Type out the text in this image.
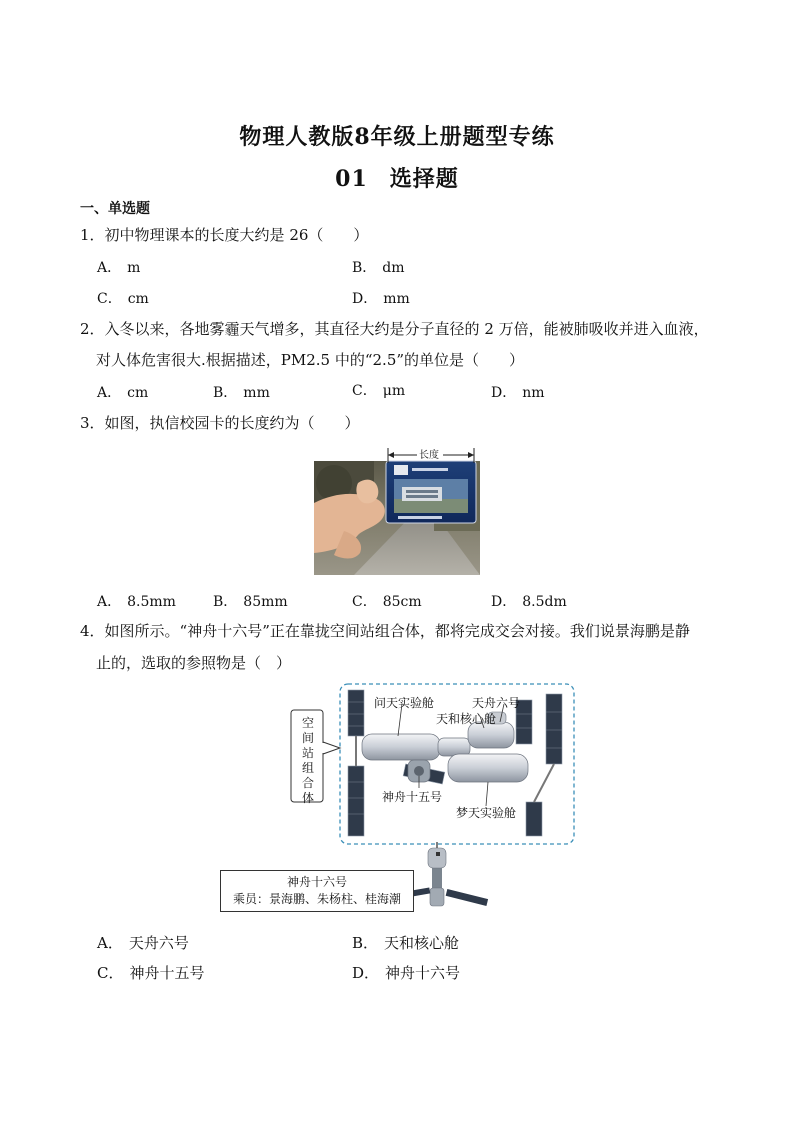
物理人教版8年级上册题型专练
01 选择题
一、单选题
1．初中物理课本的长度大约是 26（　　）
A． m	B． dm
C． cm	D． mm
2．入冬以来，各地雾霾天气增多，其直径大约是分子直径的 2 万倍，能被肺吸收并进入血液，
对人体危害很大.根据描述，PM2.5 中的“2.5”的单位是（　　）
A． cm	B． mm	C． μm	D． nm
3．如图，执信校园卡的长度约为（　　）
长度
A． 8.5mm	B． 85mm	C． 85cm	D． 8.5dm
4．如图所示。“神舟十六号”正在靠拢空间站组合体，都将完成交会对接。我们说景海鹏是静
止的，选取的参照物是（　）
空间站组合体
问天实验舱	天舟六号
天和核心舱
神舟十五号
梦天实验舱
神舟十六号
乘员：景海鹏、朱杨柱、桂海潮
A． 天舟六号	B． 天和核心舱
C． 神舟十五号	D． 神舟十六号
